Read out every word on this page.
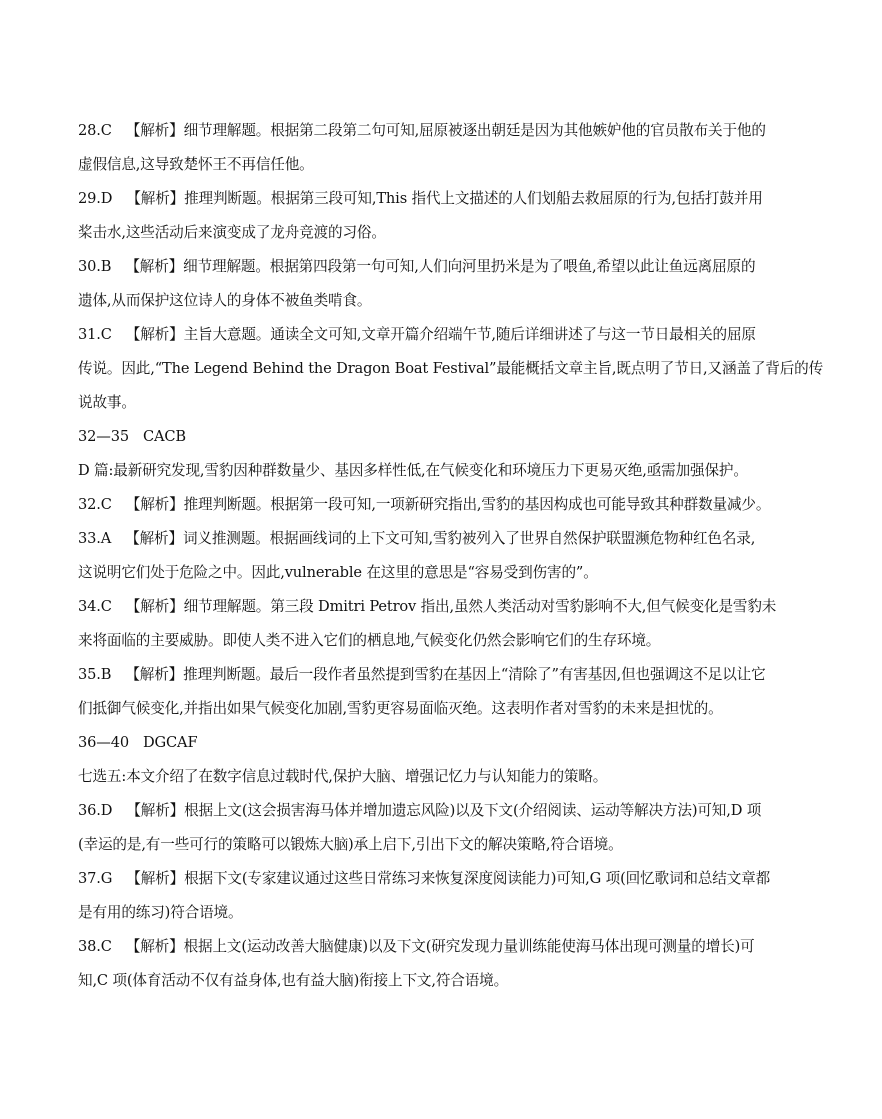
28.C 【解析】细节理解题。根据第二段第二句可知,屈原被逐出朝廷是因为其他嫉妒他的官员散布关于他的
虚假信息,这导致楚怀王不再信任他。
29.D 【解析】推理判断题。根据第三段可知,This 指代上文描述的人们划船去救屈原的行为,包括打鼓并用
桨击水,这些活动后来演变成了龙舟竞渡的习俗。
30.B 【解析】细节理解题。根据第四段第一句可知,人们向河里扔米是为了喂鱼,希望以此让鱼远离屈原的
遗体,从而保护这位诗人的身体不被鱼类啃食。
31.C 【解析】主旨大意题。通读全文可知,文章开篇介绍端午节,随后详细讲述了与这一节日最相关的屈原
传说。因此,“The Legend Behind the Dragon Boat Festival”最能概括文章主旨,既点明了节日,又涵盖了背后的传
说故事。
32—35 CACB
D 篇:最新研究发现,雪豹因种群数量少、基因多样性低,在气候变化和环境压力下更易灭绝,亟需加强保护。
32.C 【解析】推理判断题。根据第一段可知,一项新研究指出,雪豹的基因构成也可能导致其种群数量减少。
33.A 【解析】词义推测题。根据画线词的上下文可知,雪豹被列入了世界自然保护联盟濒危物种红色名录,
这说明它们处于危险之中。因此,vulnerable 在这里的意思是“容易受到伤害的”。
34.C 【解析】细节理解题。第三段 Dmitri Petrov 指出,虽然人类活动对雪豹影响不大,但气候变化是雪豹未
来将面临的主要威胁。即使人类不进入它们的栖息地,气候变化仍然会影响它们的生存环境。
35.B 【解析】推理判断题。最后一段作者虽然提到雪豹在基因上“清除了”有害基因,但也强调这不足以让它
们抵御气候变化,并指出如果气候变化加剧,雪豹更容易面临灭绝。这表明作者对雪豹的未来是担忧的。
36—40 DGCAF
七选五:本文介绍了在数字信息过载时代,保护大脑、增强记忆力与认知能力的策略。
36.D 【解析】根据上文(这会损害海马体并增加遗忘风险)以及下文(介绍阅读、运动等解决方法)可知,D 项
(幸运的是,有一些可行的策略可以锻炼大脑)承上启下,引出下文的解决策略,符合语境。
37.G 【解析】根据下文(专家建议通过这些日常练习来恢复深度阅读能力)可知,G 项(回忆歌词和总结文章都
是有用的练习)符合语境。
38.C 【解析】根据上文(运动改善大脑健康)以及下文(研究发现力量训练能使海马体出现可测量的增长)可
知,C 项(体育活动不仅有益身体,也有益大脑)衔接上下文,符合语境。
